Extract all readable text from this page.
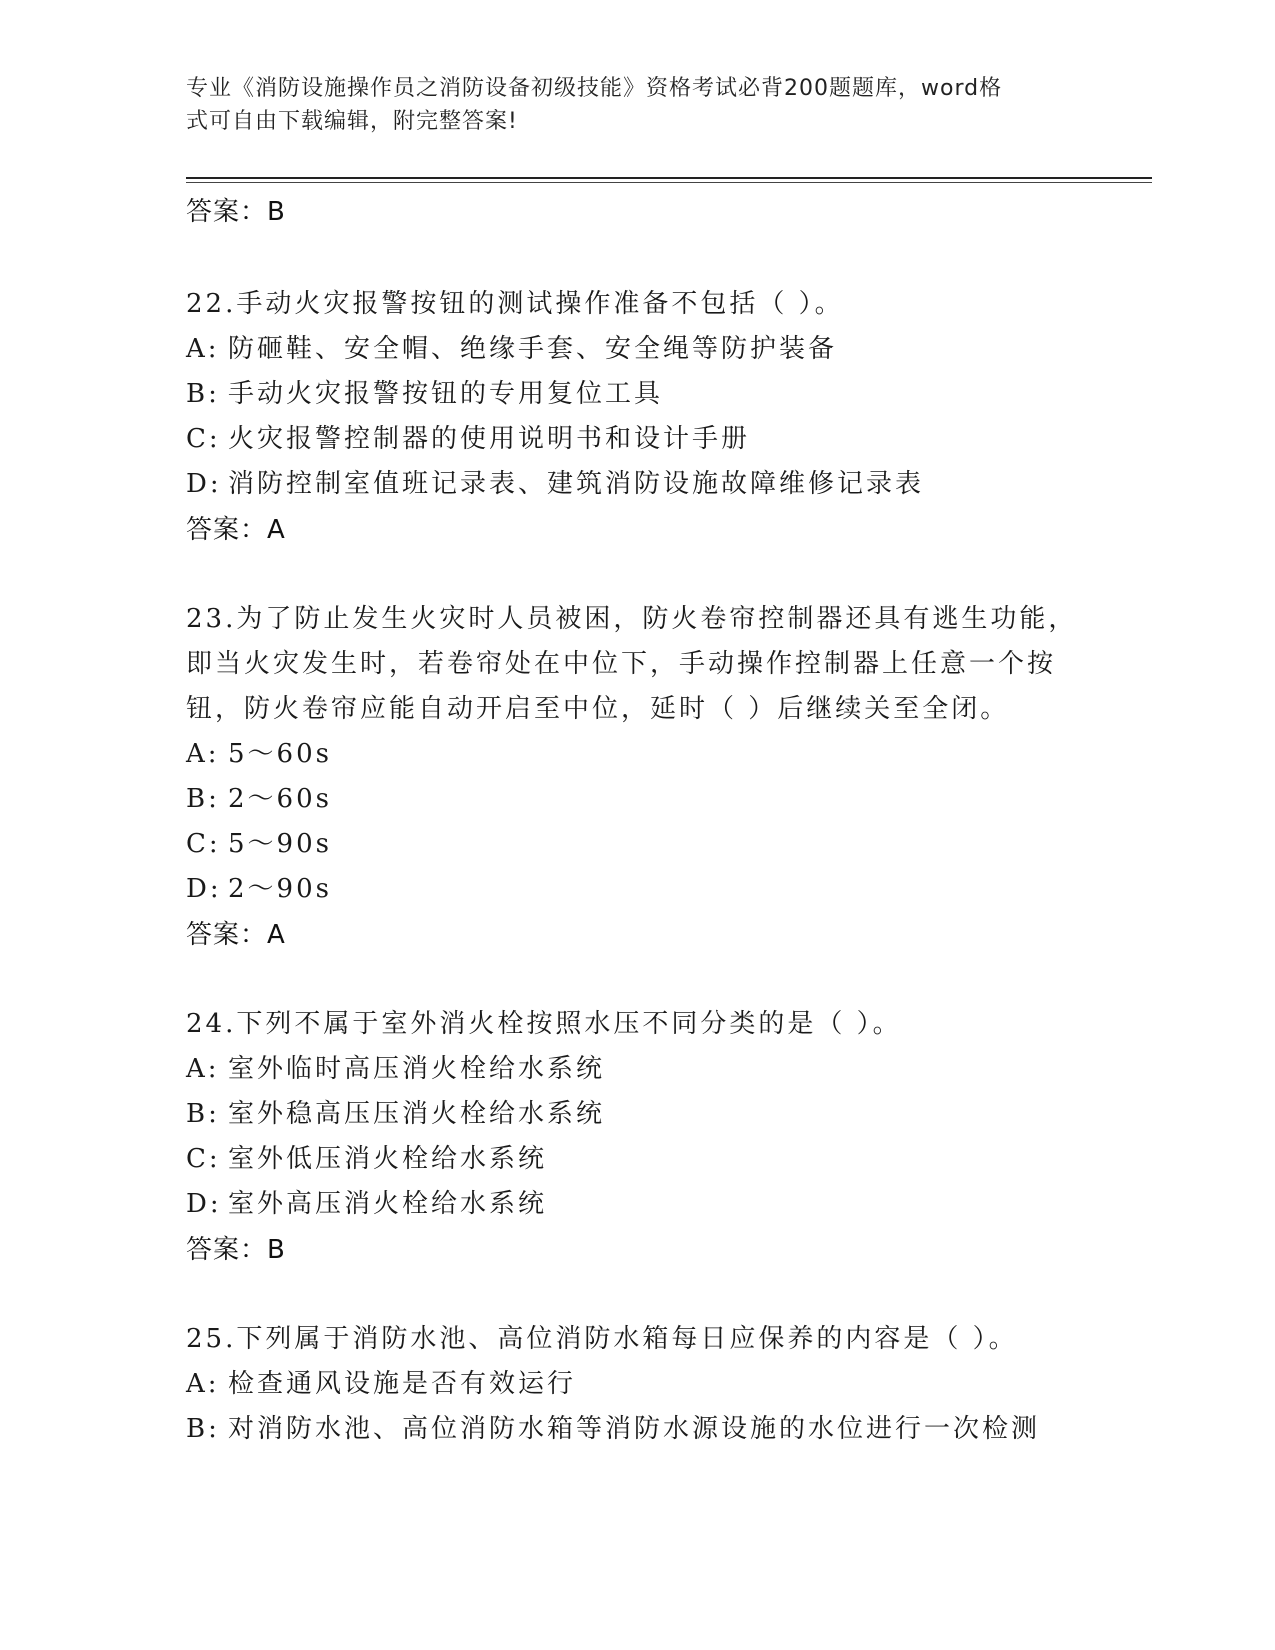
专业《消防设施操作员之消防设备初级技能》资格考试必背200题题库，word格
式可自由下载编辑，附完整答案!
答案：B
22.手动火灾报警按钮的测试操作准备不包括（ ）。
A: 防砸鞋、安全帽、绝缘手套、安全绳等防护装备
B: 手动火灾报警按钮的专用复位工具
C: 火灾报警控制器的使用说明书和设计手册
D: 消防控制室值班记录表、建筑消防设施故障维修记录表
答案：A
23.为了防止发生火灾时人员被困，防火卷帘控制器还具有逃生功能，即当火灾发生时，若卷帘处在中位下，手动操作控制器上任意一个按钮，防火卷帘应能自动开启至中位，延时（ ）后继续关至全闭。
A: 5～60s
B: 2～60s
C: 5～90s
D: 2～90s
答案：A
24.下列不属于室外消火栓按照水压不同分类的是（ ）。
A: 室外临时高压消火栓给水系统
B: 室外稳高压压消火栓给水系统
C: 室外低压消火栓给水系统
D: 室外高压消火栓给水系统
答案：B
25.下列属于消防水池、高位消防水箱每日应保养的内容是（ ）。
A: 检查通风设施是否有效运行
B: 对消防水池、高位消防水箱等消防水源设施的水位进行一次检测
